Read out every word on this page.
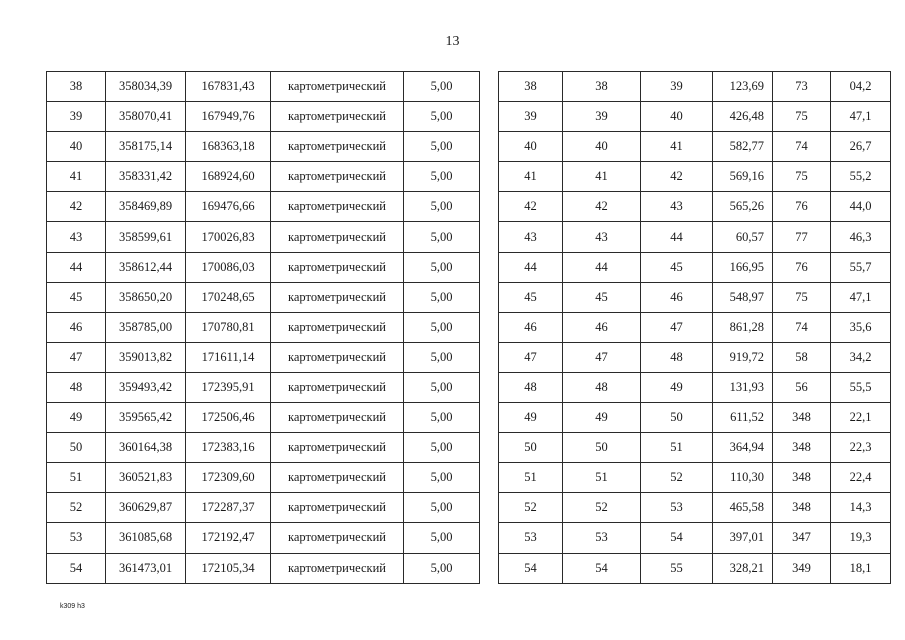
13
38	358034,39	167831,43	картометрический	5,00
39	358070,41	167949,76	картометрический	5,00
40	358175,14	168363,18	картометрический	5,00
41	358331,42	168924,60	картометрический	5,00
42	358469,89	169476,66	картометрический	5,00
43	358599,61	170026,83	картометрический	5,00
44	358612,44	170086,03	картометрический	5,00
45	358650,20	170248,65	картометрический	5,00
46	358785,00	170780,81	картометрический	5,00
47	359013,82	171611,14	картометрический	5,00
48	359493,42	172395,91	картометрический	5,00
49	359565,42	172506,46	картометрический	5,00
50	360164,38	172383,16	картометрический	5,00
51	360521,83	172309,60	картометрический	5,00
52	360629,87	172287,37	картометрический	5,00
53	361085,68	172192,47	картометрический	5,00
54	361473,01	172105,34	картометрический	5,00
38	38	39	123,69	73	04,2
39	39	40	426,48	75	47,1
40	40	41	582,77	74	26,7
41	41	42	569,16	75	55,2
42	42	43	565,26	76	44,0
43	43	44	60,57	77	46,3
44	44	45	166,95	76	55,7
45	45	46	548,97	75	47,1
46	46	47	861,28	74	35,6
47	47	48	919,72	58	34,2
48	48	49	131,93	56	55,5
49	49	50	611,52	348	22,1
50	50	51	364,94	348	22,3
51	51	52	110,30	348	22,4
52	52	53	465,58	348	14,3
53	53	54	397,01	347	19,3
54	54	55	328,21	349	18,1
k309 h3
